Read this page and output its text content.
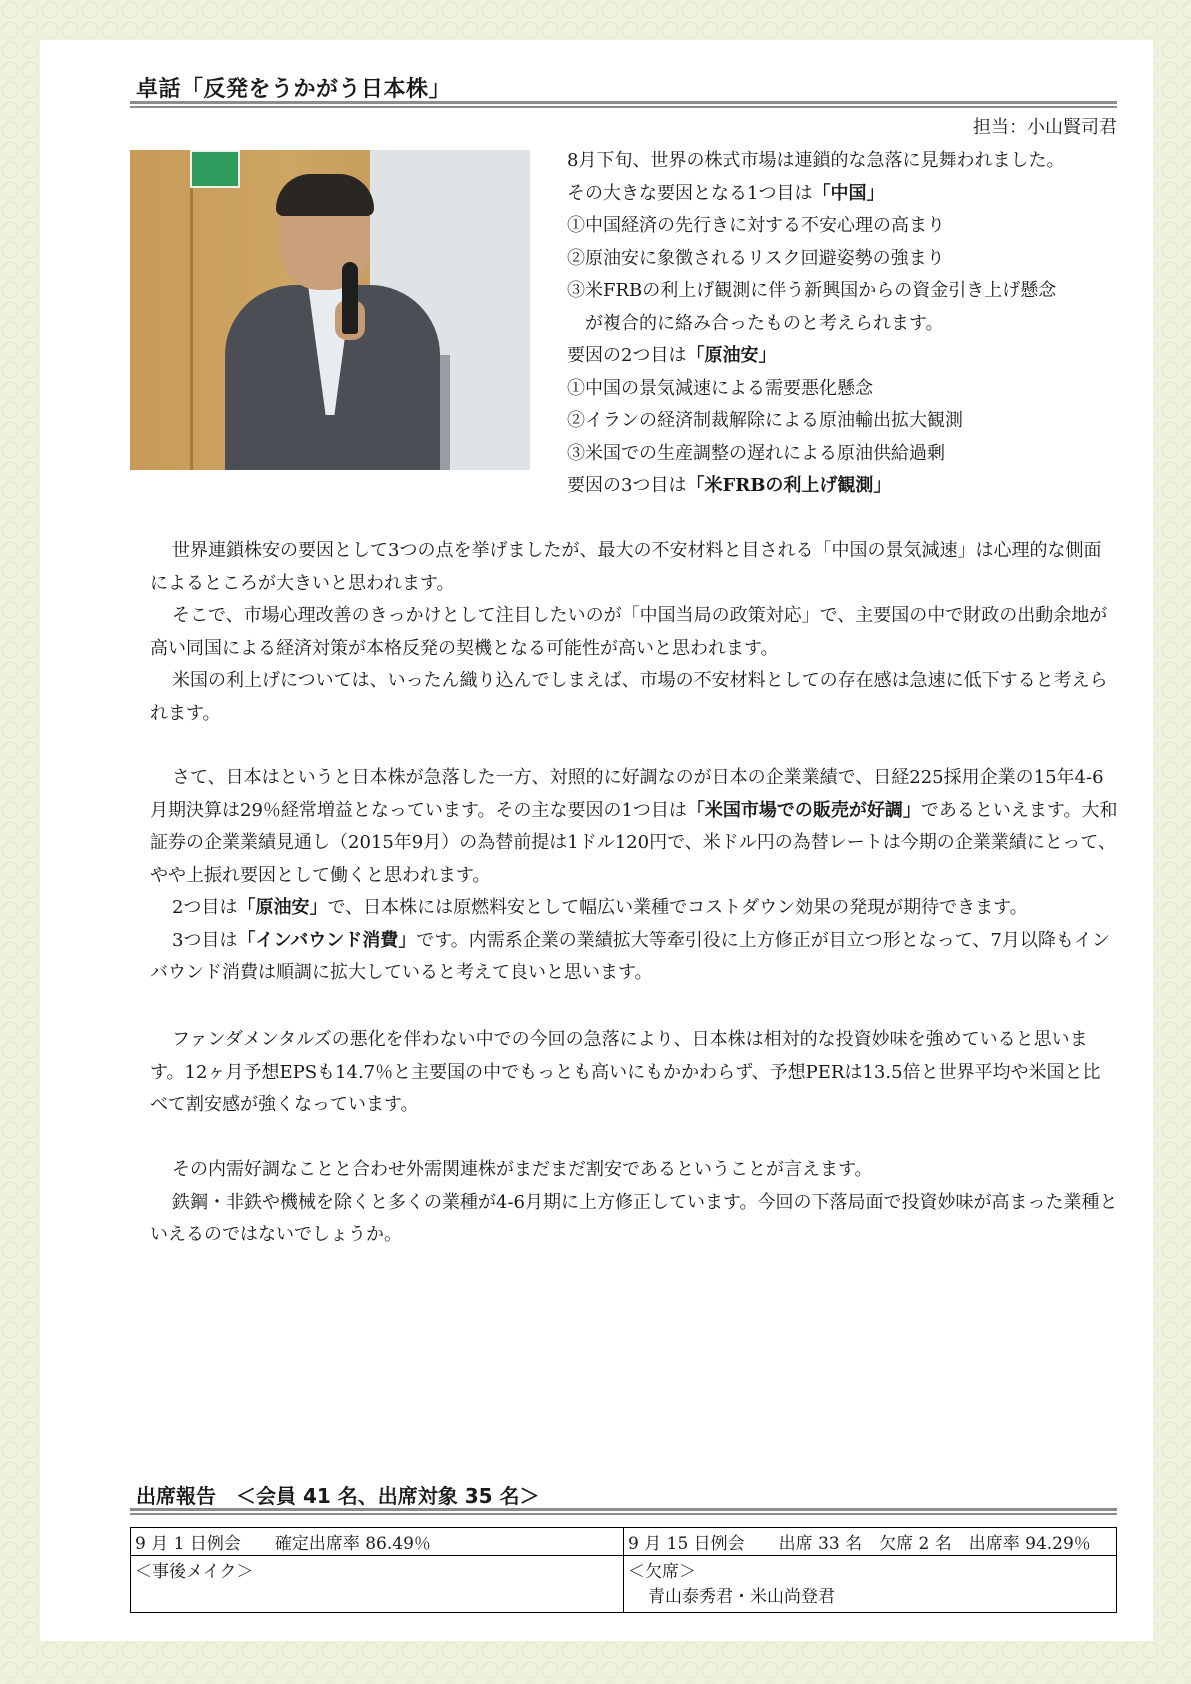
卓話「反発をうかがう日本株」
担当：小山賢司君
8月下旬、世界の株式市場は連鎖的な急落に見舞われました。
その大きな要因となる1つ目は「中国」
①中国経済の先行きに対する不安心理の高まり
②原油安に象徴されるリスク回避姿勢の強まり
③米FRBの利上げ観測に伴う新興国からの資金引き上げ懸念
　が複合的に絡み合ったものと考えられます。
要因の2つ目は「原油安」
①中国の景気減速による需要悪化懸念
②イランの経済制裁解除による原油輸出拡大観測
③米国での生産調整の遅れによる原油供給過剰
要因の3つ目は「米FRBの利上げ観測」

世界連鎖株安の要因として3つの点を挙げましたが、最大の不安材料と目される「中国の景気減速」は心理的な側面によるところが大きいと思われます。

そこで、市場心理改善のきっかけとして注目したいのが「中国当局の政策対応」で、主要国の中で財政の出動余地が高い同国による経済対策が本格反発の契機となる可能性が高いと思われます。

米国の利上げについては、いったん織り込んでしまえば、市場の不安材料としての存在感は急速に低下すると考えられます。

さて、日本はというと日本株が急落した一方、対照的に好調なのが日本の企業業績で、日経225採用企業の15年4-6月期決算は29％経常増益となっています。その主な要因の1つ目は「米国市場での販売が好調」であるといえます。大和証券の企業業績見通し（2015年9月）の為替前提は1ドル120円で、米ドル円の為替レートは今期の企業業績にとって、やや上振れ要因として働くと思われます。

2つ目は「原油安」で、日本株には原燃料安として幅広い業種でコストダウン効果の発現が期待できます。

3つ目は「インバウンド消費」です。内需系企業の業績拡大等牽引役に上方修正が目立つ形となって、7月以降もインバウンド消費は順調に拡大していると考えて良いと思います。

ファンダメンタルズの悪化を伴わない中での今回の急落により、日本株は相対的な投資妙味を強めていると思います。12ヶ月予想EPSも14.7％と主要国の中でもっとも高いにもかかわらず、予想PERは13.5倍と世界平均や米国と比べて割安感が強くなっています。

その内需好調なことと合わせ外需関連株がまだまだ割安であるということが言えます。

鉄鋼・非鉄や機械を除くと多くの業種が4-6月期に上方修正しています。今回の下落局面で投資妙味が高まった業種といえるのではないでしょうか。

出席報告　＜会員 41 名、出席対象 35 名＞
9 月 1 日例会　　確定出席率 86.49％	9 月 15 日例会　　出席 33 名　欠席 2 名　出席率 94.29％
＜事後メイク＞	＜欠席＞
青山泰秀君・米山尚登君
